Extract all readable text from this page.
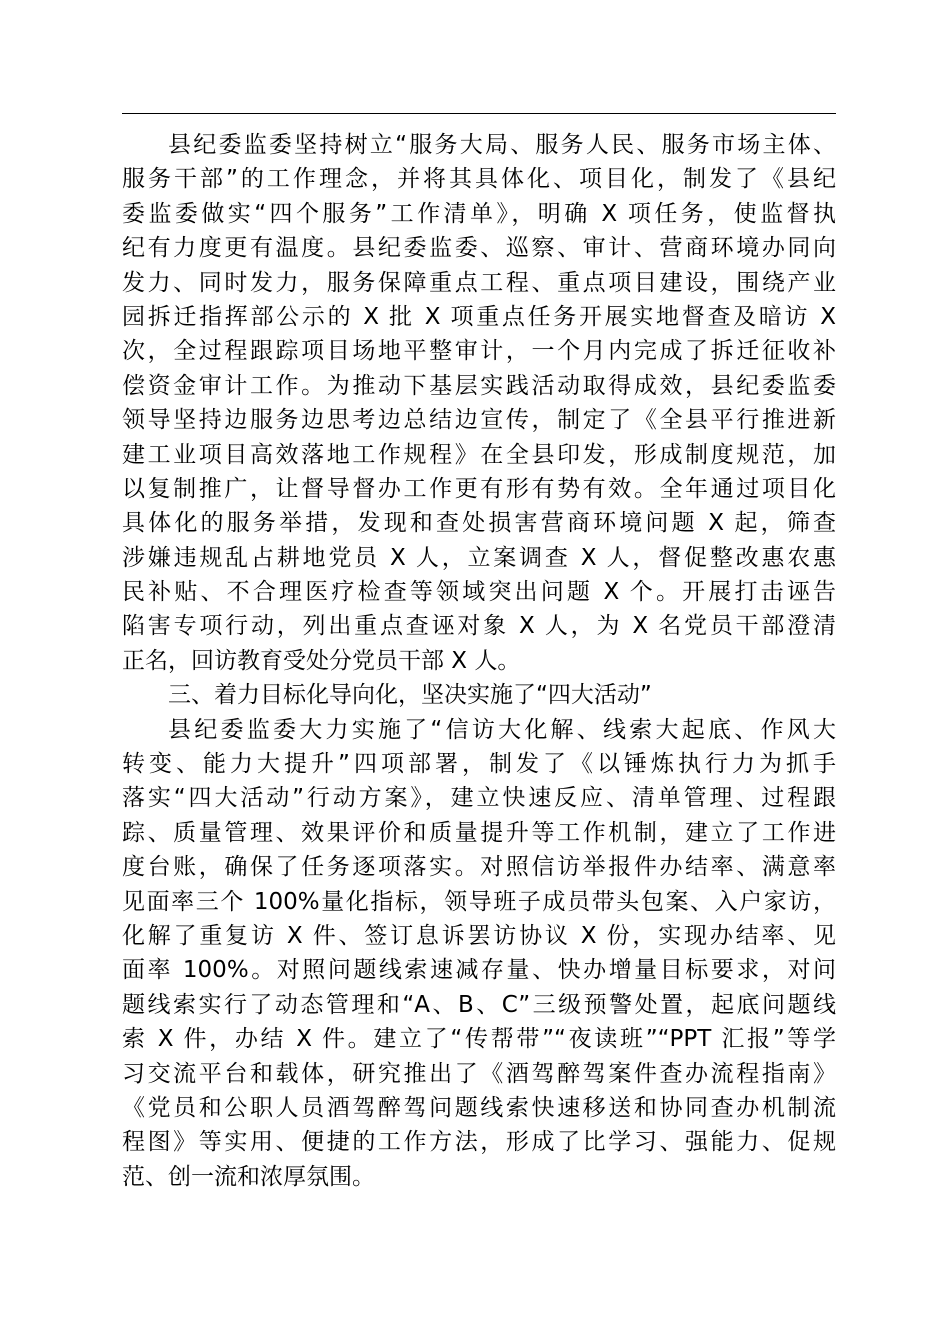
县纪委监委坚持树立“服务大局、服务人民、服务市场主体、
服务干部”的工作理念，并将其具体化、项目化，制发了《县纪
委监委做实“四个服务”工作清单》，明确 X 项任务，使监督执
纪有力度更有温度。县纪委监委、巡察、审计、营商环境办同向
发力、同时发力，服务保障重点工程、重点项目建设，围绕产业
园拆迁指挥部公示的 X 批 X 项重点任务开展实地督查及暗访 X
次，全过程跟踪项目场地平整审计，一个月内完成了拆迁征收补
偿资金审计工作。为推动下基层实践活动取得成效，县纪委监委
领导坚持边服务边思考边总结边宣传，制定了《全县平行推进新
建工业项目高效落地工作规程》在全县印发，形成制度规范，加
以复制推广，让督导督办工作更有形有势有效。全年通过项目化
具体化的服务举措，发现和查处损害营商环境问题 X 起，筛查
涉嫌违规乱占耕地党员 X 人，立案调查 X 人，督促整改惠农惠
民补贴、不合理医疗检查等领域突出问题 X 个。开展打击诬告
陷害专项行动，列出重点查诬对象 X 人，为 X 名党员干部澄清
正名，回访教育受处分党员干部 X 人。
三、着力目标化导向化，坚决实施了“四大活动”
县纪委监委大力实施了“信访大化解、线索大起底、作风大
转变、能力大提升”四项部署，制发了《以锤炼执行力为抓手
落实“四大活动”行动方案》，建立快速反应、清单管理、过程跟
踪、质量管理、效果评价和质量提升等工作机制，建立了工作进
度台账，确保了任务逐项落实。对照信访举报件办结率、满意率
见面率三个 100%量化指标，领导班子成员带头包案、入户家访，
化解了重复访 X 件、签订息诉罢访协议 X 份，实现办结率、见
面率 100%。对照问题线索速减存量、快办增量目标要求，对问
题线索实行了动态管理和“A、B、C”三级预警处置，起底问题线
索 X 件，办结 X 件。建立了“传帮带”“夜读班”“PPT 汇报”等学
习交流平台和载体，研究推出了《酒驾醉驾案件查办流程指南》
《党员和公职人员酒驾醉驾问题线索快速移送和协同查办机制流
程图》等实用、便捷的工作方法，形成了比学习、强能力、促规
范、创一流和浓厚氛围。
